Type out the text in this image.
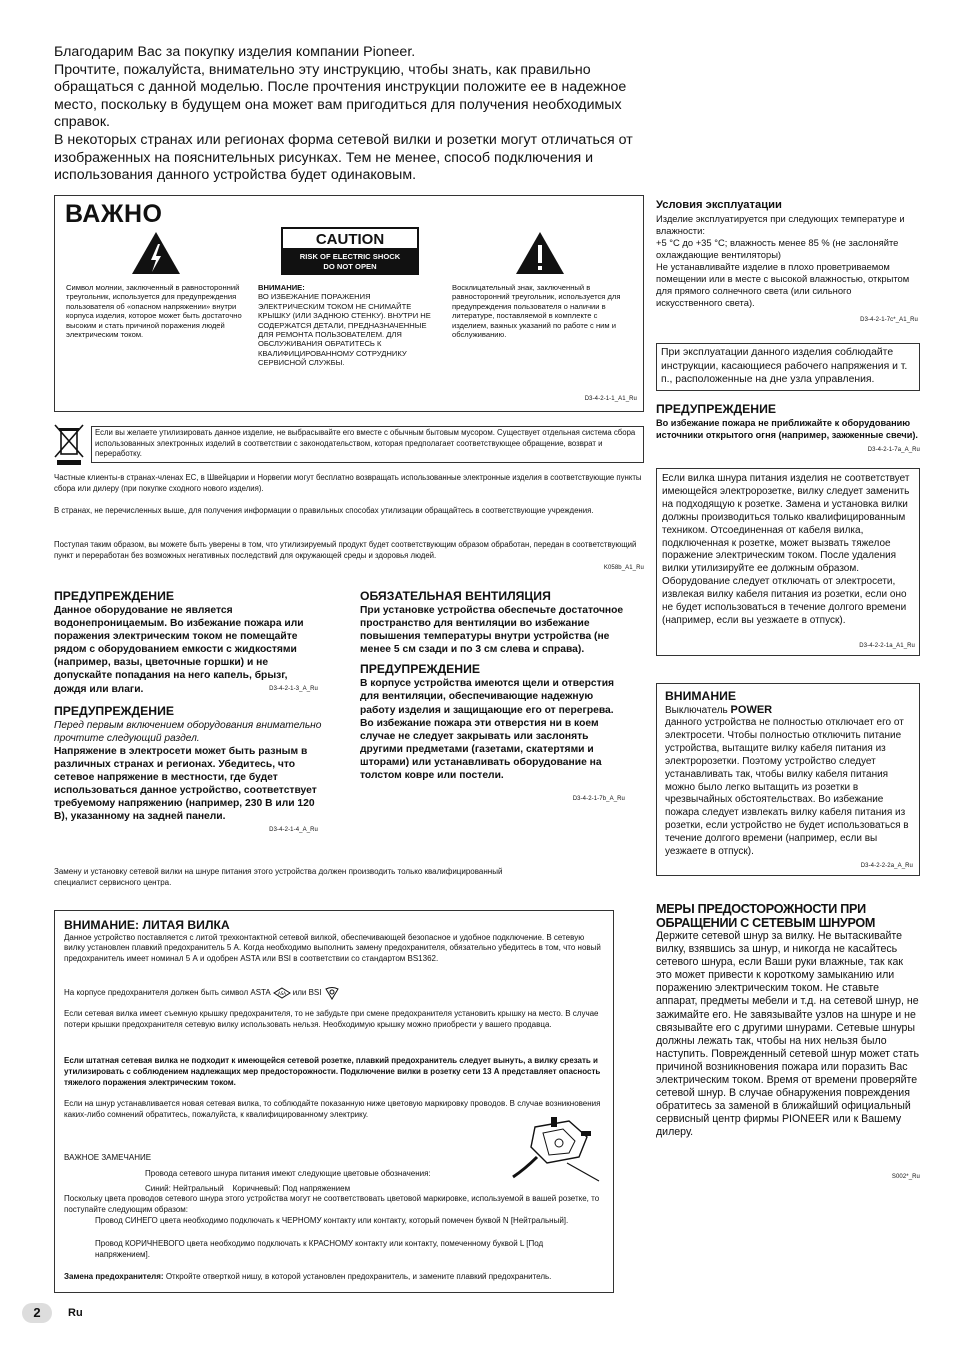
Благодарим Вас за покупку изделия компании Pioneer.

Прочтите, пожалуйста, внимательно эту инструкцию, чтобы знать, как правильно обращаться с данной моделью. После прочтения инструкции положите ее в надежное место, поскольку в будущем она может вам пригодиться для получения необходимых справок.

В некоторых странах или регионах форма сетевой вилки и розетки могут отличаться от изображенных на пояснительных рисунках. Тем не менее, способ подключения и использования данного устройства будет одинаковым.

ВАЖНО
CAUTION
RISK OF ELECTRIC SHOCK
DO NOT OPEN
Символ молнии, заключенный в равносторонний треугольник, используется для предупреждения пользователя об «опасном напряжении» внутри корпуса изделия, которое может быть достаточно высоким и стать причиной поражения людей электрическим током.
ВНИМАНИЕ:
ВО ИЗБЕЖАНИЕ ПОРАЖЕНИЯ ЭЛЕКТРИЧЕСКИМ ТОКОМ НЕ СНИМАЙТЕ КРЫШКУ (ИЛИ ЗАДНЮЮ СТЕНКУ). ВНУТРИ НЕ СОДЕРЖАТСЯ ДЕТАЛИ, ПРЕДНАЗНАЧЕННЫЕ ДЛЯ РЕМОНТА ПОЛЬЗОВАТЕЛЕМ. ДЛЯ ОБСЛУЖИВАНИЯ ОБРАТИТЕСЬ К КВАЛИФИЦИРОВАННОМУ СОТРУДНИКУ СЕРВИСНОЙ СЛУЖБЫ.
Восклицательный знак, заключенный в равносторонний треугольник, используется для предупреждения пользователя о наличии в литературе, поставляемой в комплекте с изделием, важных указаний по работе с ним и обслуживанию.
D3-4-2-1-1_A1_Ru
Если вы желаете утилизировать данное изделие, не выбрасывайте его вместе с обычным бытовым мусором. Существует отдельная система сбора использованных электронных изделий в соответствии с законодательством, которая предполагает соответствующее обращение, возврат и переработку.
Частные клиенты-в странах-членах ЕС, в Швейцарии и Норвегии могут бесплатно возвращать использованные электронные изделия в соответствующие пункты сбора или дилеру (при покупке сходного нового изделия).
В странах, не перечисленных выше, для получения информации о правильных способах утилизации обращайтесь в соответствующие учреждения.
Поступая таким образом, вы можете быть уверены в том, что утилизируемый продукт будет соответствующим образом обработан, передан в соответствующий пункт и переработан без возможных негативных последствий для окружающей среды и здоровья людей.
K058b_A1_Ru
ПРЕДУПРЕЖДЕНИЕ
Данное оборудование не является водонепроницаемым. Во избежание пожара или поражения электрическим током не помещайте рядом с оборудованием емкости с жидкостями (например, вазы, цветочные горшки) и не допускайте попадания на него капель, брызг, дождя или влаги.	D3-4-2-1-3_A_Ru
ПРЕДУПРЕЖДЕНИЕ
Перед первым включением оборудования внимательно прочтите следующий раздел.
Напряжение в электросети может быть разным в различных странах и регионах. Убедитесь, что сетевое напряжение в местности, где будет использоваться данное устройство, соответствует требуемому напряжению (например, 230 В или 120 В), указанному на задней панели.
D3-4-2-1-4_A_Ru
ОБЯЗАТЕЛЬНАЯ ВЕНТИЛЯЦИЯ
При установке устройства обеспечьте достаточное пространство для вентиляции во избежание повышения температуры внутри устройства (не менее 5 см сзади и по 3 см слева и справа).
ПРЕДУПРЕЖДЕНИЕ
В корпусе устройства имеются щели и отверстия для вентиляции, обеспечивающие надежную работу изделия и защищающие его от перегрева. Во избежание пожара эти отверстия ни в коем случае не следует закрывать или заслонять другими предметами (газетами, скатертями и шторами) или устанавливать оборудование на толстом ковре или постели.
D3-4-2-1-7b_A_Ru
Замену и установку сетевой вилки на шнуре питания этого устройства должен производить только квалифицированный специалист сервисного центра.
ВНИМАНИЕ: ЛИТАЯ ВИЛКА
Данное устройство поставляется с литой трехконтактной сетевой вилкой, обеспечивающей безопасное и удобное подключение. В сетевую вилку установлен плавкий предохранитель 5 А. Когда необходимо выполнить замену предохранителя, обязательно убедитесь в том, что новый предохранитель имеет номинал 5 А и одобрен ASTA или BSI в соответствии со стандартом BS1362.
На корпусе предохранителя должен быть символ ASTA ASA или BSI
Если сетевая вилка имеет съемную крышку предохранителя, то не забудьте при смене предохранителя установить крышку на место. В случае потери крышки предохранителя сетевую вилку использовать нельзя. Необходимую крышку можно приобрести у вашего продавца.
Если штатная сетевая вилка не подходит к имеющейся сетевой розетке, плавкий предохранитель следует вынуть, а вилку срезать и утилизировать с соблюдением надлежащих мер предосторожности. Подключение вилки в розетку сети 13 А представляет опасность тяжелого поражения электрическим током.
Если на шнур устанавливается новая сетевая вилка, то соблюдайте показанную ниже цветовую маркировку проводов. В случае возникновения каких-либо сомнений обратитесь, пожалуйста, к квалифицированному электрику.
ВАЖНОЕ ЗАМЕЧАНИЕ
Провода сетевого шнура питания имеют следующие цветовые обозначения:
Синий: Нейтральный    Коричневый: Под напряжением
Поскольку цвета проводов сетевого шнура этого устройства могут не соответствовать цветовой маркировке, используемой в вашей розетке, то поступайте следующим образом:
Провод СИНЕГО цвета необходимо подключать к ЧЕРНОМУ контакту или контакту, который помечен буквой N [Нейтральный].
Провод КОРИЧНЕВОГО цвета необходимо подключать к КРАСНОМУ контакту или контакту, помеченному буквой L [Под напряжением].
Замена предохранителя: Откройте отверткой нишу, в которой установлен предохранитель, и замените плавкий предохранитель.
Условия эксплуатации
Изделие эксплуатируется при следующих температуре и влажности:
+5 °C до +35 °C; влажность менее 85 % (не заслоняйте охлаждающие вентиляторы)
Не устанавливайте изделие в плохо проветриваемом помещении или в месте с высокой влажностью, открытом для прямого солнечного света (или сильного искусственного света).
D3-4-2-1-7c*_A1_Ru
При эксплуатации данного изделия соблюдайте инструкции, касающиеся рабочего напряжения и т. п., расположенные на днe узла управления.
ПРЕДУПРЕЖДЕНИЕ
Во избежание пожара не приближайте к оборудованию источники открытого огня (например, зажженные свечи).
D3-4-2-1-7a_A_Ru
Если вилка шнура питания изделия не соответствует имеющейся электророзетке, вилку следует заменить на подходящую к розетке. Замена и установка вилки должны производиться только квалифицированным техником. Отсоединенная от кабеля вилка, подключенная к розетке, может вызвать тяжелое поражение электрическим током. После удаления вилки утилизируйте ее должным образом.
Оборудование следует отключать от электросети, извлекая вилку кабеля питания из розетки, если оно не будет использоваться в течение долгого времени (например, если вы уезжаете в отпуск).
D3-4-2-2-1a_A1_Ru
ВНИМАНИЕ
Выключатель POWER
данного устройства не полностью отключает его от электросети. Чтобы полностью отключить питание устройства, вытащите вилку кабеля питания из электророзетки. Поэтому устройство следует устанавливать так, чтобы вилку кабеля питания можно было легко вытащить из розетки в чрезвычайных обстоятельствах. Во избежание пожара следует извлекать вилку кабеля питания из розетки, если устройство не будет использоваться в течение долгого времени (например, если вы уезжаете в отпуск).
D3-4-2-2-2a_A_Ru
МЕРЫ ПРЕДОСТОРОЖНОСТИ ПРИ ОБРАЩЕНИИ С СЕТЕВЫМ ШНУРОМ
Держите сетевой шнур за вилку. Не вытаскивайте вилку, взявшись за шнур, и никогда не касайтесь сетевого шнура, если Ваши руки влажные, так как это может привести к короткому замыканию или поражению электрическим током. Не ставьте аппарат, предметы мебели и т.д. на сетевой шнур, не зажимайте его. Не завязывайте узлов на шнуре и не связывайте его с другими шнурами. Сетевые шнуры должны лежать так, чтобы на них нельзя было наступить. Поврежденный сетевой шнур может стать причиной возникновения пожара или поразить Вас электрическим током. Время от времени проверяйте сетевой шнур. В случае обнаружения повреждения обратитесь за заменой в ближайший официальный сервисный центр фирмы PIONEER или к Вашему дилеру.
S002*_Ru
2	Ru
